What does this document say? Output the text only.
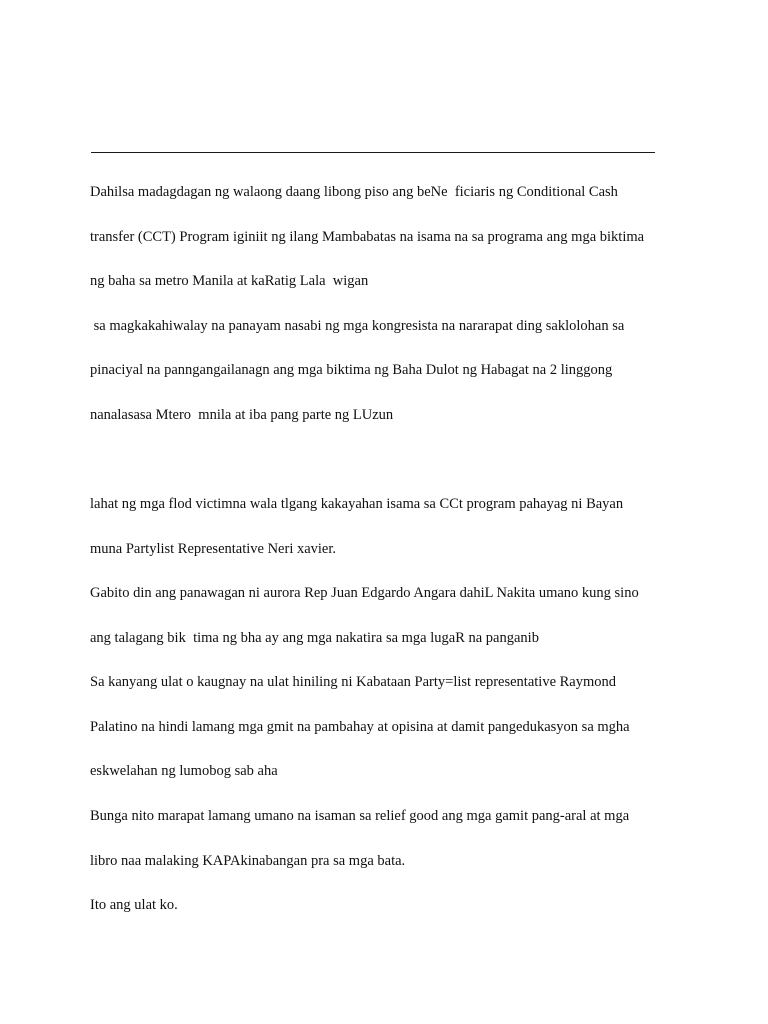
Dahilsa madagdagan ng walaong daang libong piso ang beNe  ficiaris ng Conditional Cash
transfer (CCT) Program iginiit ng ilang Mambabatas na isama na sa programa ang mga biktima
ng baha sa metro Manila at kaRatig Lala  wigan
sa magkakahiwalay na panayam nasabi ng mga kongresista na nararapat ding saklolohan sa
pinaciyal na panngangailanagn ang mga biktima ng Baha Dulot ng Habagat na 2 linggong
nanalasasa Mtero  mnila at iba pang parte ng LUzun
lahat ng mga flod victimna wala tlgang kakayahan isama sa CCt program pahayag ni Bayan
muna Partylist Representative Neri xavier.
Gabito din ang panawagan ni aurora Rep Juan Edgardo Angara dahiL Nakita umano kung sino
ang talagang bik  tima ng bha ay ang mga nakatira sa mga lugaR na panganib
Sa kanyang ulat o kaugnay na ulat hiniling ni Kabataan Party=list representative Raymond
Palatino na hindi lamang mga gmit na pambahay at opisina at damit pangedukasyon sa mgha
eskwelahan ng lumobog sab aha
Bunga nito marapat lamang umano na isaman sa relief good ang mga gamit pang-aral at mga
libro naa malaking KAPAkinabangan pra sa mga bata.
Ito ang ulat ko.
